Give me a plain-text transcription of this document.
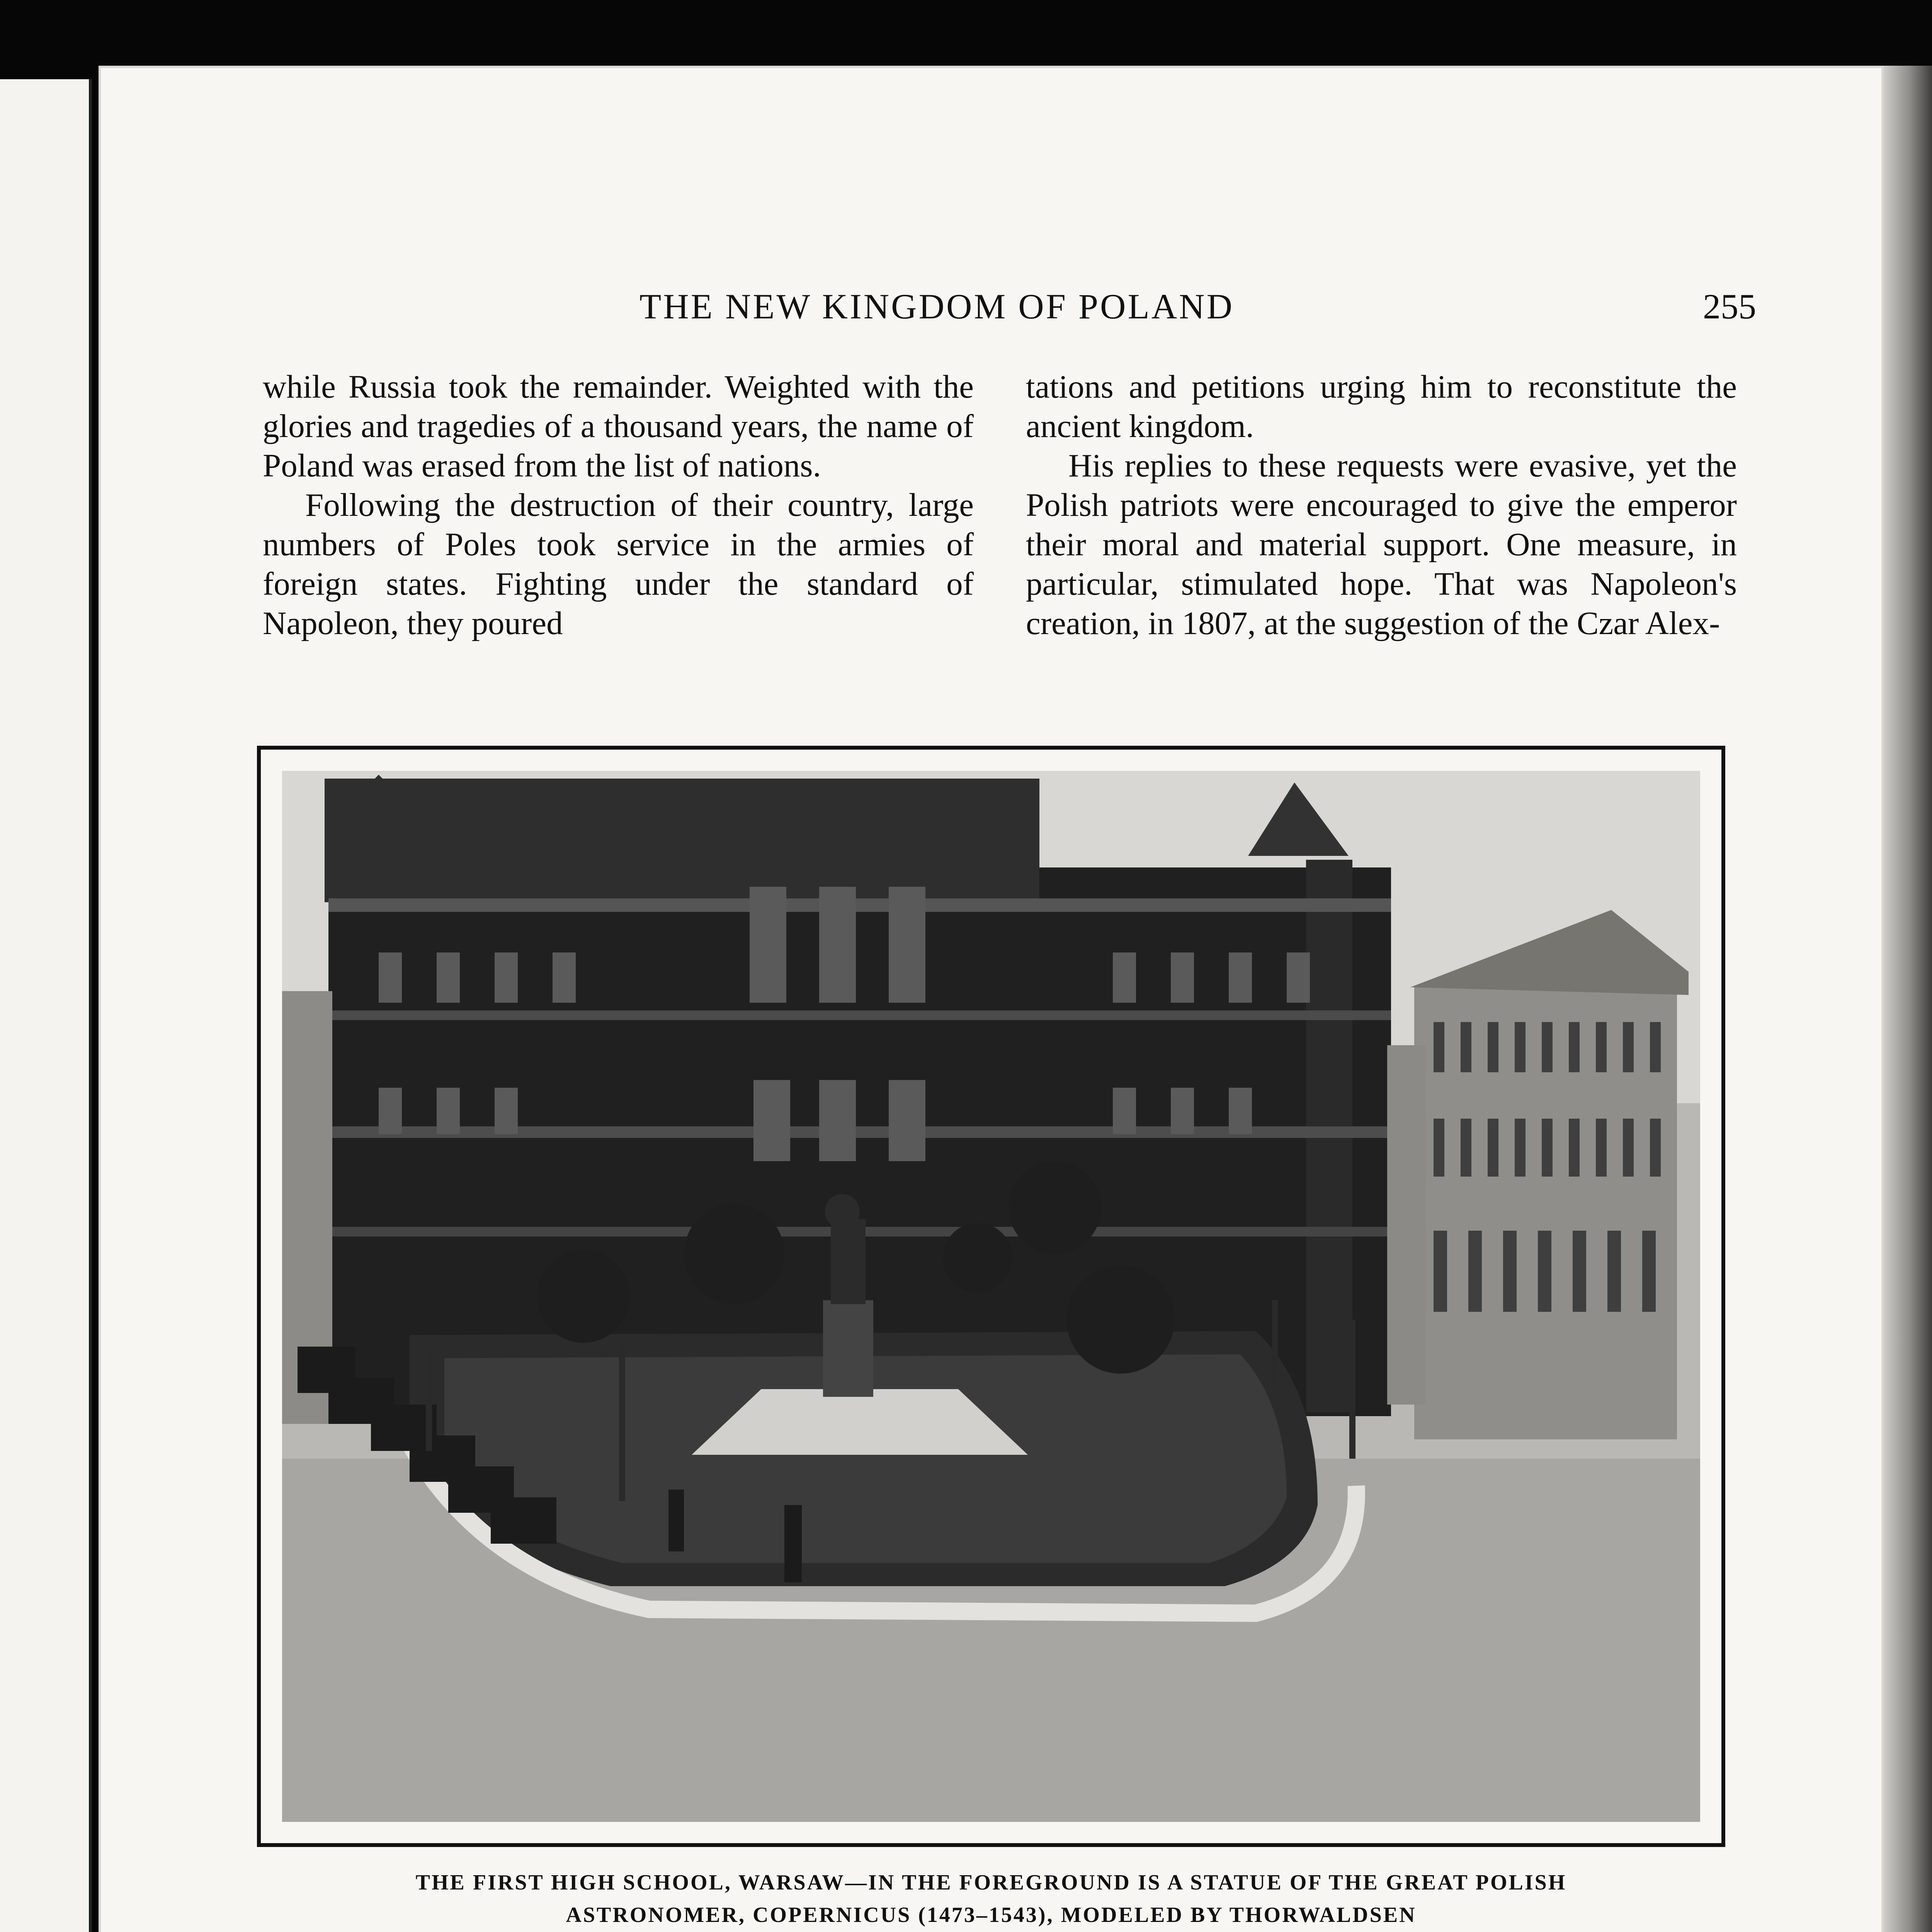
THE NEW KINGDOM OF POLAND	255

while Russia took the remainder. Weighted with the glories and tragedies of a thousand years, the name of Poland was erased from the list of nations.

Following the destruction of their country, large numbers of Poles took service in the armies of foreign states. Fighting under the standard of Napoleon, they poured

tations and petitions urging him to reconstitute the ancient kingdom.

His replies to these requests were evasive, yet the Polish patriots were encouraged to give the emperor their moral and material support. One measure, in particular, stimulated hope. That was Napoleon's creation, in 1807, at the suggestion of the Czar Alex-

THE FIRST HIGH SCHOOL, WARSAW—IN THE FOREGROUND IS A STATUE OF THE GREAT POLISH
ASTRONOMER, COPERNICUS (1473–1543), MODELED BY THORWALDSEN
